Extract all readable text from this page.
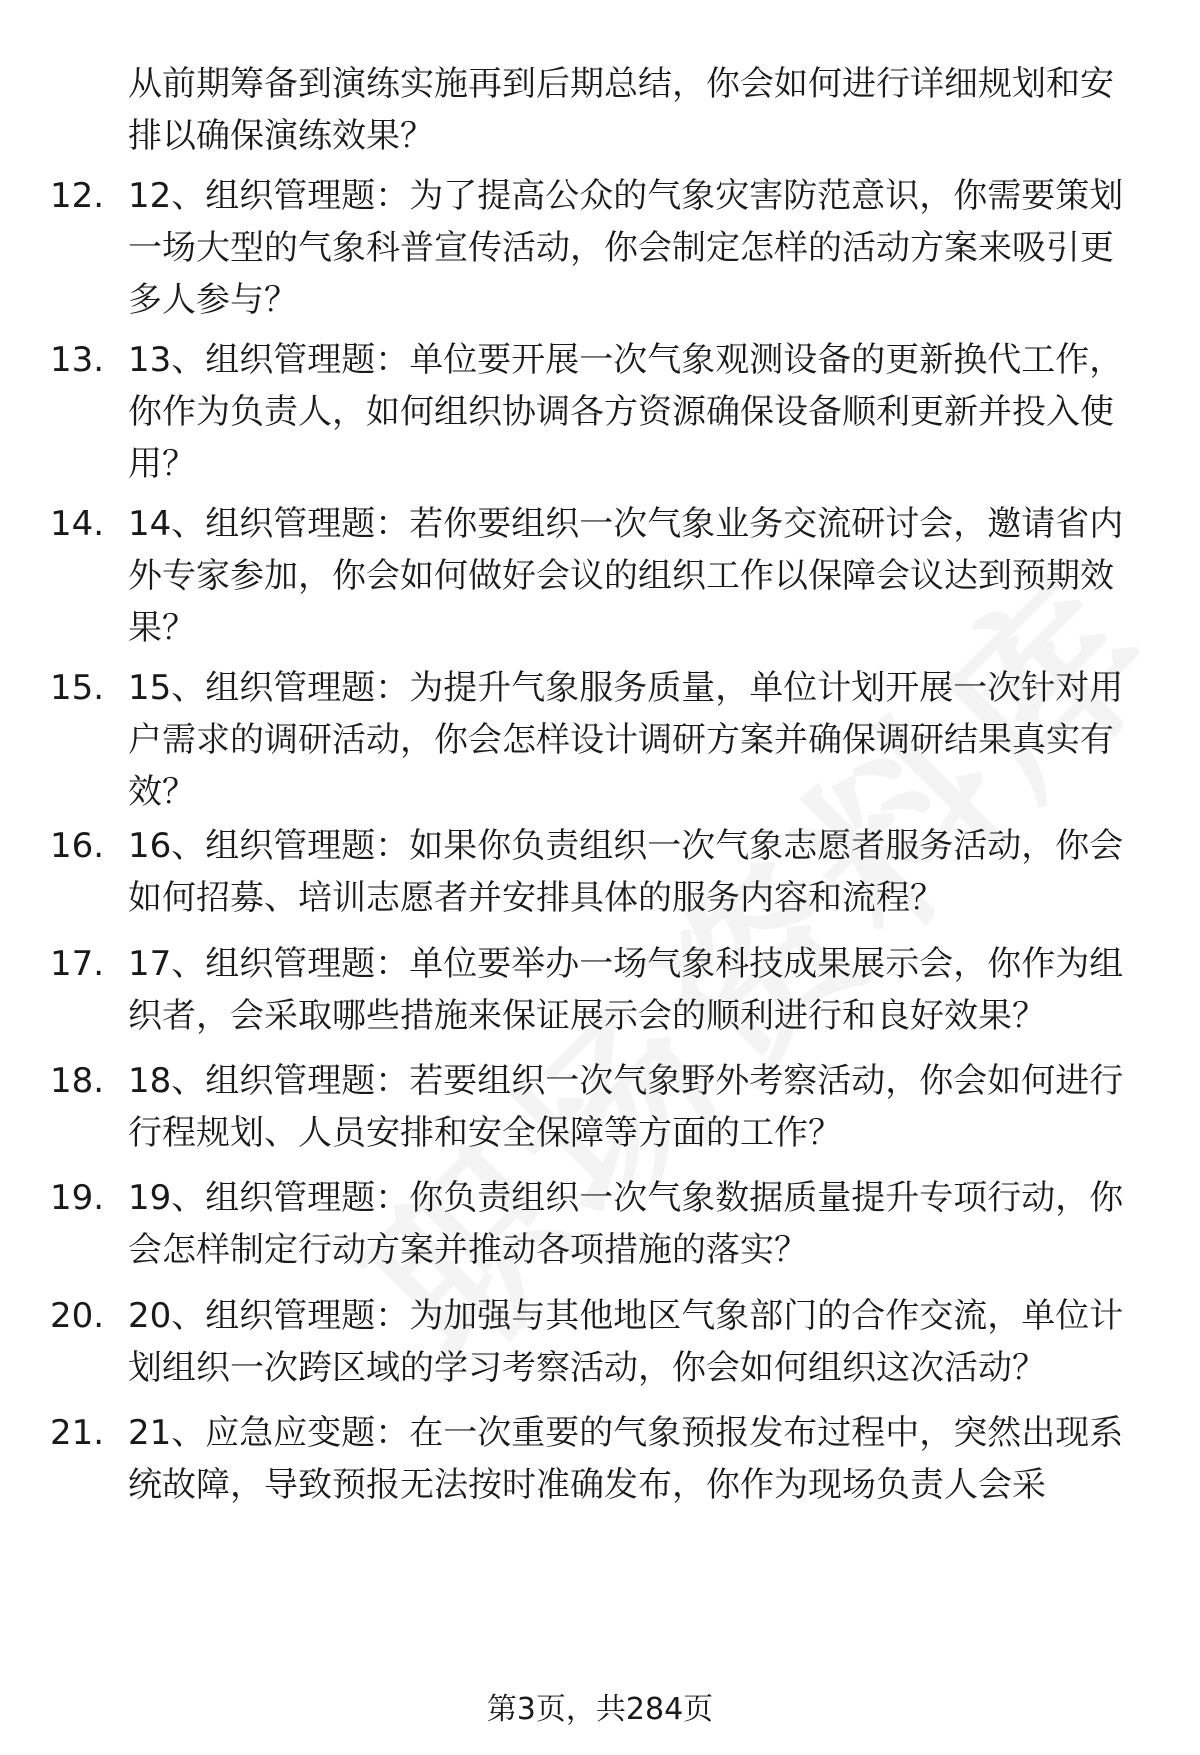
从前期筹备到演练实施再到后期总结，你会如何进行详细规划和安排以确保演练效果？

12. 12、组织管理题：为了提高公众的气象灾害防范意识，你需要策划一场大型的气象科普宣传活动，你会制定怎样的活动方案来吸引更多人参与？

13. 13、组织管理题：单位要开展一次气象观测设备的更新换代工作，你作为负责人，如何组织协调各方资源确保设备顺利更新并投入使用？

14. 14、组织管理题：若你要组织一次气象业务交流研讨会，邀请省内外专家参加，你会如何做好会议的组织工作以保障会议达到预期效果？

15. 15、组织管理题：为提升气象服务质量，单位计划开展一次针对用户需求的调研活动，你会怎样设计调研方案并确保调研结果真实有效？

16. 16、组织管理题：如果你负责组织一次气象志愿者服务活动，你会如何招募、培训志愿者并安排具体的服务内容和流程？

17. 17、组织管理题：单位要举办一场气象科技成果展示会，你作为组织者，会采取哪些措施来保证展示会的顺利进行和良好效果？

18. 18、组织管理题：若要组织一次气象野外考察活动，你会如何进行行程规划、人员安排和安全保障等方面的工作？

19. 19、组织管理题：你负责组织一次气象数据质量提升专项行动，你会怎样制定行动方案并推动各项措施的落实？

20. 20、组织管理题：为加强与其他地区气象部门的合作交流，单位计划组织一次跨区域的学习考察活动，你会如何组织这次活动？

21. 21、应急应变题：在一次重要的气象预报发布过程中，突然出现系统故障，导致预报无法按时准确发布，你作为现场负责人会采

第3页，共284页
